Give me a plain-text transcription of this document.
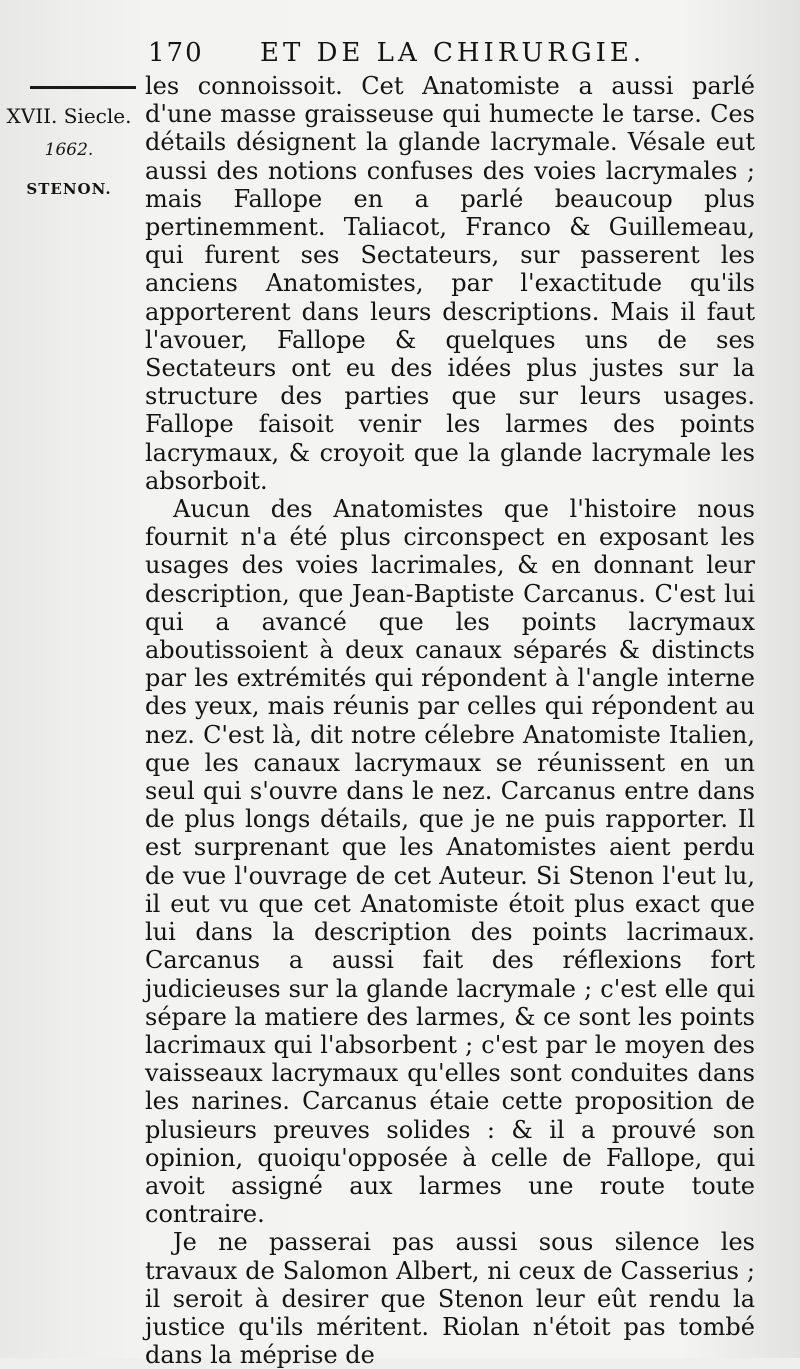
170 ET DE LA CHIRURGIE.
XVII. Siecle.
1662.
STENON.

les connoissoit. Cet Anatomiste a aussi parlé d'une masse graisseuse qui humecte le tarse. Ces détails désignent la glande lacrymale. Vésale eut aussi des notions confuses des voies lacrymales ; mais Fallope en a parlé beaucoup plus pertinemment. Taliacot, Franco & Guillemeau, qui furent ses Sectateurs, sur passerent les anciens Anatomistes, par l'exactitude qu'ils apporterent dans leurs descriptions. Mais il faut l'avouer, Fallope & quelques uns de ses Sectateurs ont eu des idées plus justes sur la structure des parties que sur leurs usages. Fallope faisoit venir les larmes des points lacrymaux, & croyoit que la glande lacrymale les absorboit.

Aucun des Anatomistes que l'histoire nous fournit n'a été plus circonspect en exposant les usages des voies lacrimales, & en donnant leur description, que Jean-Baptiste Carcanus. C'est lui qui a avancé que les points lacrymaux aboutissoient à deux canaux séparés & distincts par les extrémités qui répondent à l'angle interne des yeux, mais réunis par celles qui répondent au nez. C'est là, dit notre célebre Anatomiste Italien, que les canaux lacrymaux se réunissent en un seul qui s'ouvre dans le nez. Carcanus entre dans de plus longs détails, que je ne puis rapporter. Il est surprenant que les Anatomistes aient perdu de vue l'ouvrage de cet Auteur. Si Stenon l'eut lu, il eut vu que cet Anatomiste étoit plus exact que lui dans la description des points lacrimaux. Carcanus a aussi fait des réflexions fort judicieuses sur la glande lacrymale ; c'est elle qui sépare la matiere des larmes, & ce sont les points lacrimaux qui l'absorbent ; c'est par le moyen des vaisseaux lacrymaux qu'elles sont conduites dans les narines. Carcanus étaie cette proposition de plusieurs preuves solides : & il a prouvé son opinion, quoiqu'opposée à celle de Fallope, qui avoit assigné aux larmes une route toute contraire.

Je ne passerai pas aussi sous silence les travaux de Salomon Albert, ni ceux de Casserius ; il seroit à desirer que Stenon leur eût rendu la justice qu'ils méritent. Riolan n'étoit pas tombé dans la méprise de
